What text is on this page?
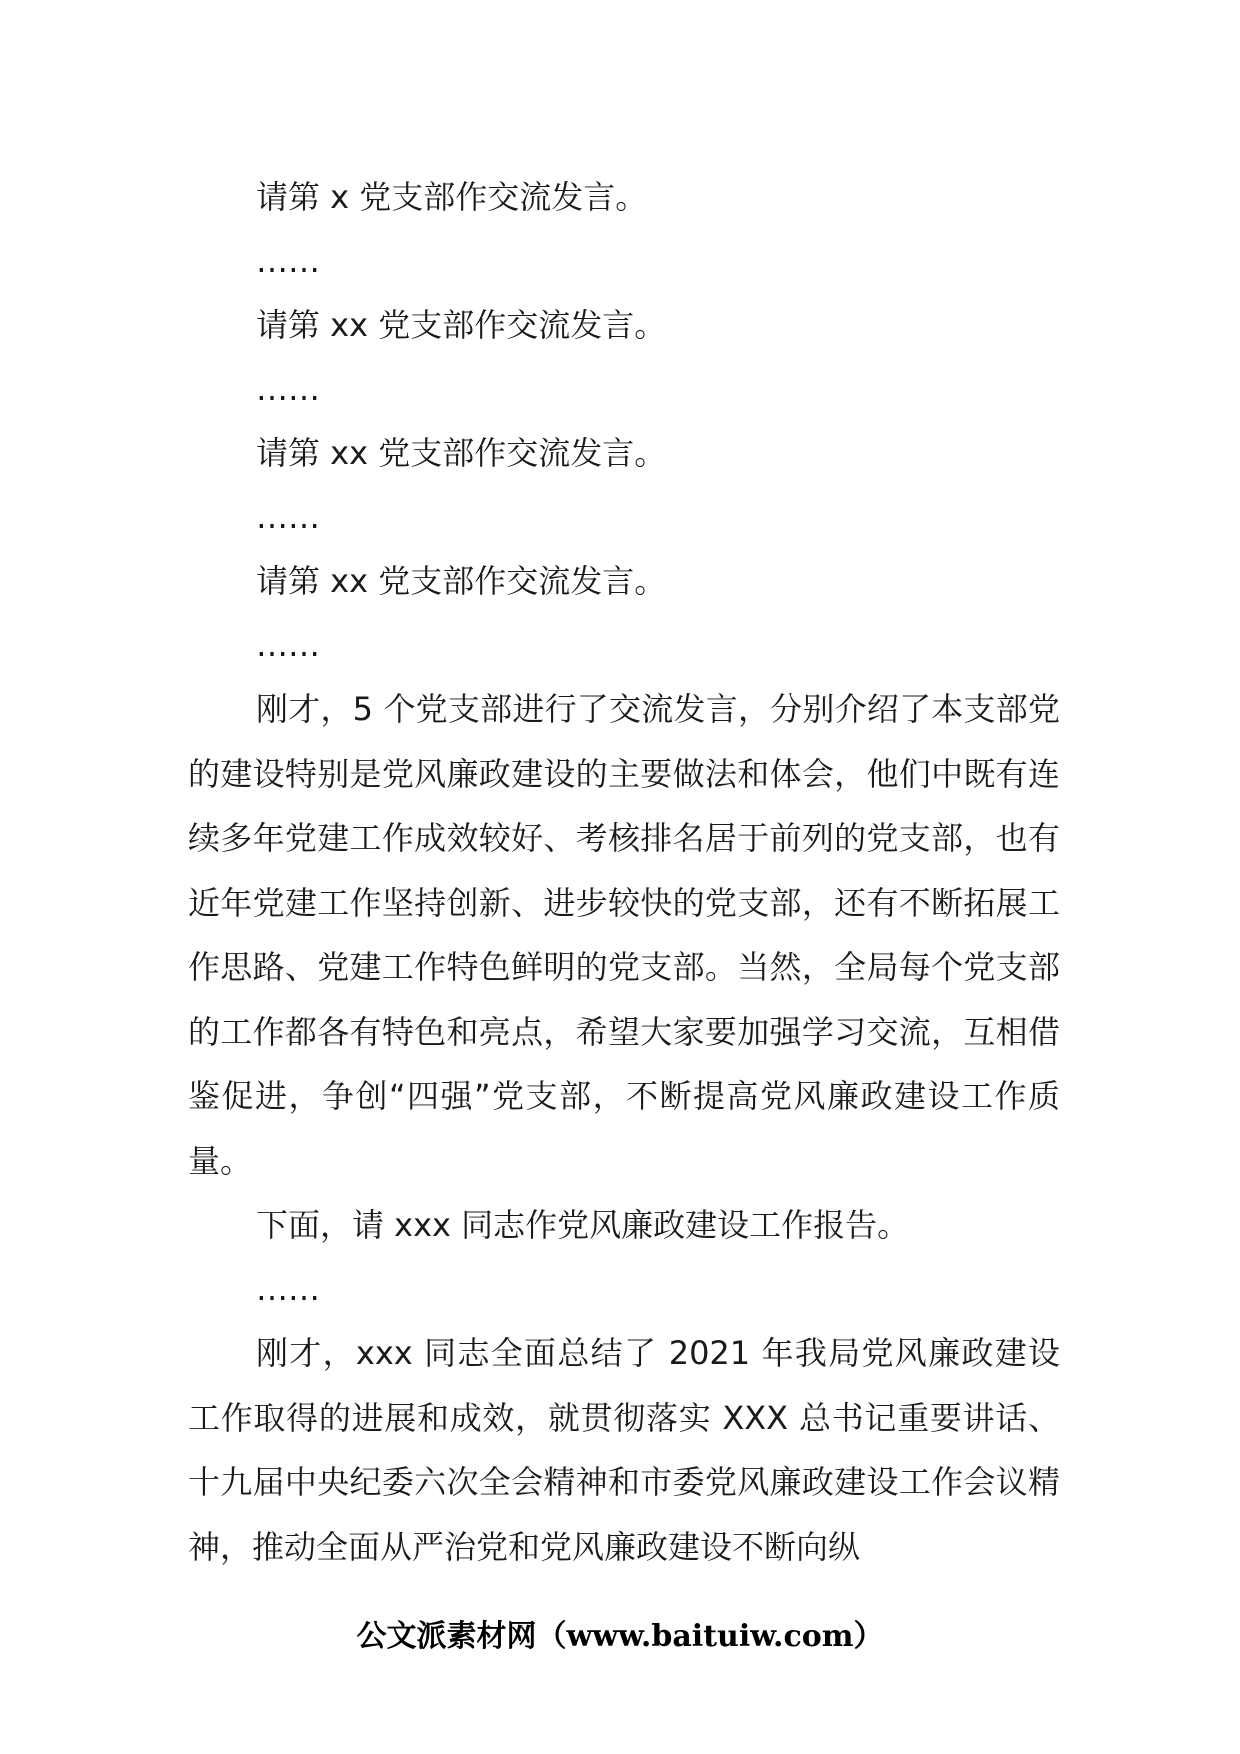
请第 x 党支部作交流发言。

……

请第 xx 党支部作交流发言。

……

请第 xx 党支部作交流发言。

……

请第 xx 党支部作交流发言。

……

刚才，5 个党支部进行了交流发言，分别介绍了本支部党的建设特别是党风廉政建设的主要做法和体会，他们中既有连续多年党建工作成效较好、考核排名居于前列的党支部，也有近年党建工作坚持创新、进步较快的党支部，还有不断拓展工作思路、党建工作特色鲜明的党支部。当然，全局每个党支部的工作都各有特色和亮点，希望大家要加强学习交流，互相借鉴促进，争创“四强”党支部，不断提高党风廉政建设工作质量。

下面，请 xxx 同志作党风廉政建设工作报告。

……

刚才，xxx 同志全面总结了 2021 年我局党风廉政建设工作取得的进展和成效，就贯彻落实 XXX 总书记重要讲话、十九届中央纪委六次全会精神和市委党风廉政建设工作会议精神，推动全面从严治党和党风廉政建设不断向纵

公文派素材网（www.baituiw.com）
